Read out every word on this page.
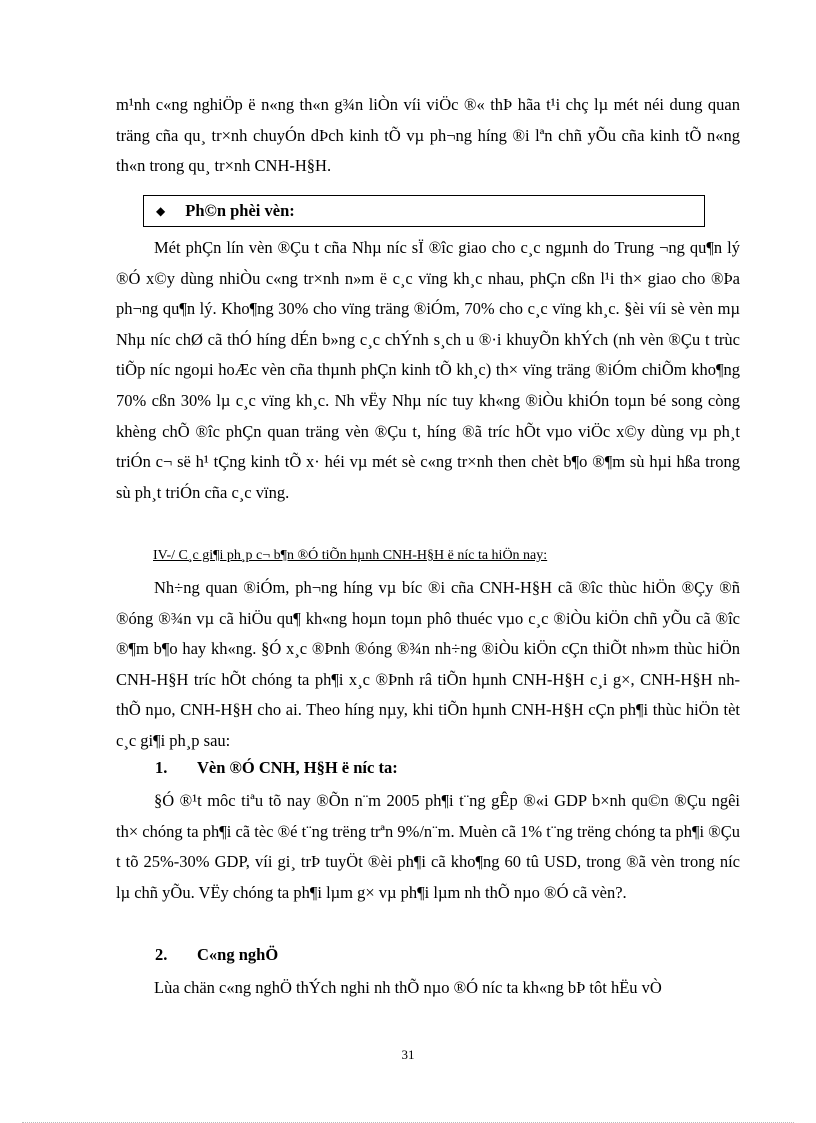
m¹nh c«ng nghiÖp ë n«ng th«n g¾n liÒn víi viÖc ®« thÞ hãa t¹i chç lµ mét néi dung quan träng cña qu¸ tr×nh chuyÓn dÞch kinh tÕ vµ ph¬ng híng ®i lªn chñ yÕu cña kinh tÕ n«ng th«n trong qu¸ tr×nh CNH-H§H.

◆ Ph©n phèi vèn:

Mét phÇn lín vèn ®Çu t cña Nhµ níc sÏ ®îc giao cho c¸c ngµnh do Trung ¬ng qu¶n lý ®Ó x©y dùng nhiÒu c«ng tr×nh n»m ë c¸c vïng kh¸c nhau, phÇn cßn l¹i th× giao cho ®Þa ph¬ng qu¶n lý. Kho¶ng 30% cho vïng träng ®iÓm, 70% cho c¸c vïng kh¸c. §èi víi sè vèn mµ Nhµ níc chØ cã thÓ híng dÉn b»ng c¸c chÝnh s¸ch u ®·i khuyÕn khÝch (nh vèn ®Çu t trùc tiÕp níc ngoµi hoÆc vèn cña thµnh phÇn kinh tÕ kh¸c) th× vïng träng ®iÓm chiÕm kho¶ng 70% cßn 30% lµ c¸c vïng kh¸c. Nh vËy Nhµ níc tuy kh«ng ®iÒu khiÓn toµn bé song còng khèng chÕ ®îc phÇn quan träng vèn ®Çu t, híng ®ã tríc hÕt vµo viÖc x©y dùng vµ ph¸t triÓn c¬ së h¹ tÇng kinh tÕ x· héi vµ mét sè c«ng tr×nh then chèt b¶o ®¶m sù hµi hßa trong sù ph¸t triÓn cña c¸c vïng.

IV-/ C¸c gi¶i ph¸p c¬ b¶n ®Ó tiÕn hµnh CNH-H§H ë níc ta hiÖn nay:

Nh÷ng quan ®iÓm, ph¬ng híng vµ bíc ®i cña CNH-H§H cã ®îc thùc hiÖn ®Çy ®ñ ®óng ®¾n vµ cã hiÖu qu¶ kh«ng hoµn toµn phô thuéc vµo c¸c ®iÒu kiÖn chñ yÕu cã ®îc ®¶m b¶o hay kh«ng. §Ó x¸c ®Þnh ®óng ®¾n nh÷ng ®iÒu kiÖn cÇn thiÕt nh»m thùc hiÖn CNH-H§H tríc hÕt chóng ta ph¶i x¸c ®Þnh râ tiÕn hµnh CNH-H§H c¸i g×, CNH-H§H nh thÕ nµo, CNH-H§H cho ai. Theo híng nµy, khi tiÕn hµnh CNH-H§H cÇn ph¶i thùc hiÖn tèt c¸c gi¶i ph¸p sau:

1.	Vèn ®Ó CNH, H§H ë níc ta:

§Ó ®¹t môc tiªu tõ nay ®Õn n¨m 2005 ph¶i t¨ng gÊp ®«i GDP b×nh qu©n ®Çu ngêi th× chóng ta ph¶i cã tèc ®é t¨ng trëng trªn 9%/n¨m. Muèn cã 1% t¨ng trëng chóng ta ph¶i ®Çu t tõ 25%-30% GDP, víi gi¸ trÞ tuyÖt ®èi ph¶i cã kho¶ng 60 tû USD, trong ®ã vèn trong níc lµ chñ yÕu. VËy chóng ta ph¶i lµm g× vµ ph¶i lµm nh thÕ nµo ®Ó cã vèn?.

2.	C«ng nghÖ

Lùa chän c«ng nghÖ thÝch nghi nh thÕ nµo ®Ó níc ta kh«ng bÞ tôt hËu vÒ

31
